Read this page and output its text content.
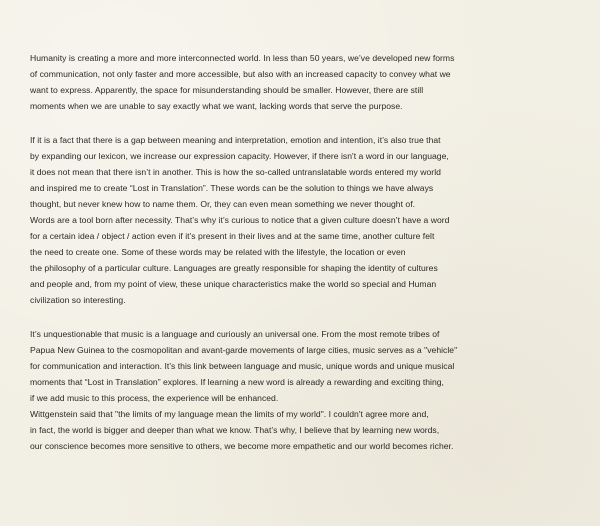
Humanity is creating a more and more interconnected world. In less than 50 years, we’ve developed new forms
of communication, not only faster and more accessible, but also with an increased capacity to convey what we
want to express. Apparently, the space for misunderstanding should be smaller. However, there are still
moments when we are unable to say exactly what we want, lacking words that serve the purpose.

If it is a fact that there is a gap between meaning and interpretation, emotion and intention, it’s also true that
by expanding our lexicon, we increase our expression capacity. However, if there isn't a word in our language,
it does not mean that there isn’t in another. This is how the so-called untranslatable words entered my world
and inspired me to create “Lost in Translation”. These words can be the solution to things we have always
thought, but never knew how to name them. Or, they can even mean something we never thought of.
Words are a tool born after necessity. That’s why it’s curious to notice that a given culture doesn’t have a word
for a certain idea / object / action even if it’s present in their lives and at the same time, another culture felt
the need to create one. Some of these words may be related with the lifestyle, the location or even
the philosophy of a particular culture. Languages are greatly responsible for shaping the identity of cultures
and people and, from my point of view, these unique characteristics make the world so special and Human
civilization so interesting.

It’s unquestionable that music is a language and curiously an universal one. From the most remote tribes of
Papua New Guinea to the cosmopolitan and avant-garde movements of large cities, music serves as a "vehicle"
for communication and interaction. It’s this link between language and music, unique words and unique musical
moments that “Lost in Translation” explores. If learning a new word is already a rewarding and exciting thing,
if we add music to this process, the experience will be enhanced.
Wittgenstein said that "the limits of my language mean the limits of my world". I couldn't agree more and,
in fact, the world is bigger and deeper than what we know. That’s why, I believe that by learning new words,
our conscience becomes more sensitive to others, we become more empathetic and our world becomes richer.
